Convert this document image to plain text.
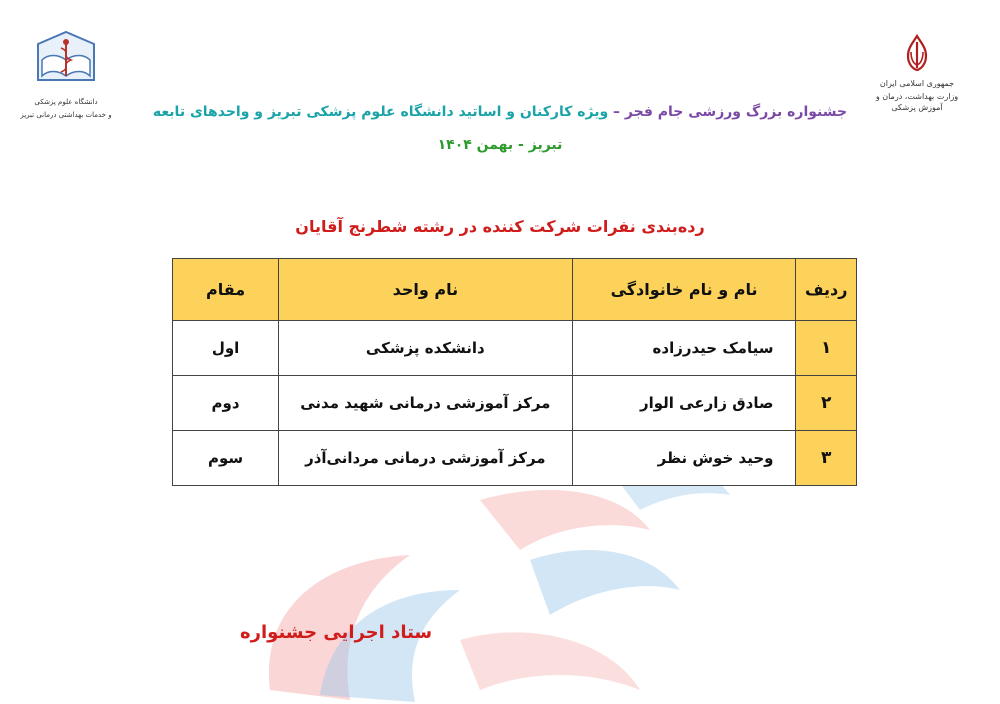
جمهوری اسلامی ایران
وزارت بهداشت، درمان و آموزش پزشکی
دانشگاه علوم پزشکی
و خدمات بهداشتی درمانی تبریز	جشنواره بزرگ ورزشی جام فجر – ویژه کارکنان و اساتید دانشگاه علوم پزشکی تبریز و واحدهای تابعه
تبریز - بهمن ۱۴۰۴
رده‌بندی نفرات شرکت کننده در رشته شطرنج آقایان
ردیف	نام و نام خانوادگی	نام واحد	مقام
۱	سیامک حیدرزاده	دانشکده پزشکی	اول
۲	صادق زارعی الوار	مرکز آموزشی درمانی شهید مدنی	دوم
۳	وحید خوش نظر	مرکز آموزشی درمانی مردانی‌آذر	سوم
ستاد اجرایی جشنواره
